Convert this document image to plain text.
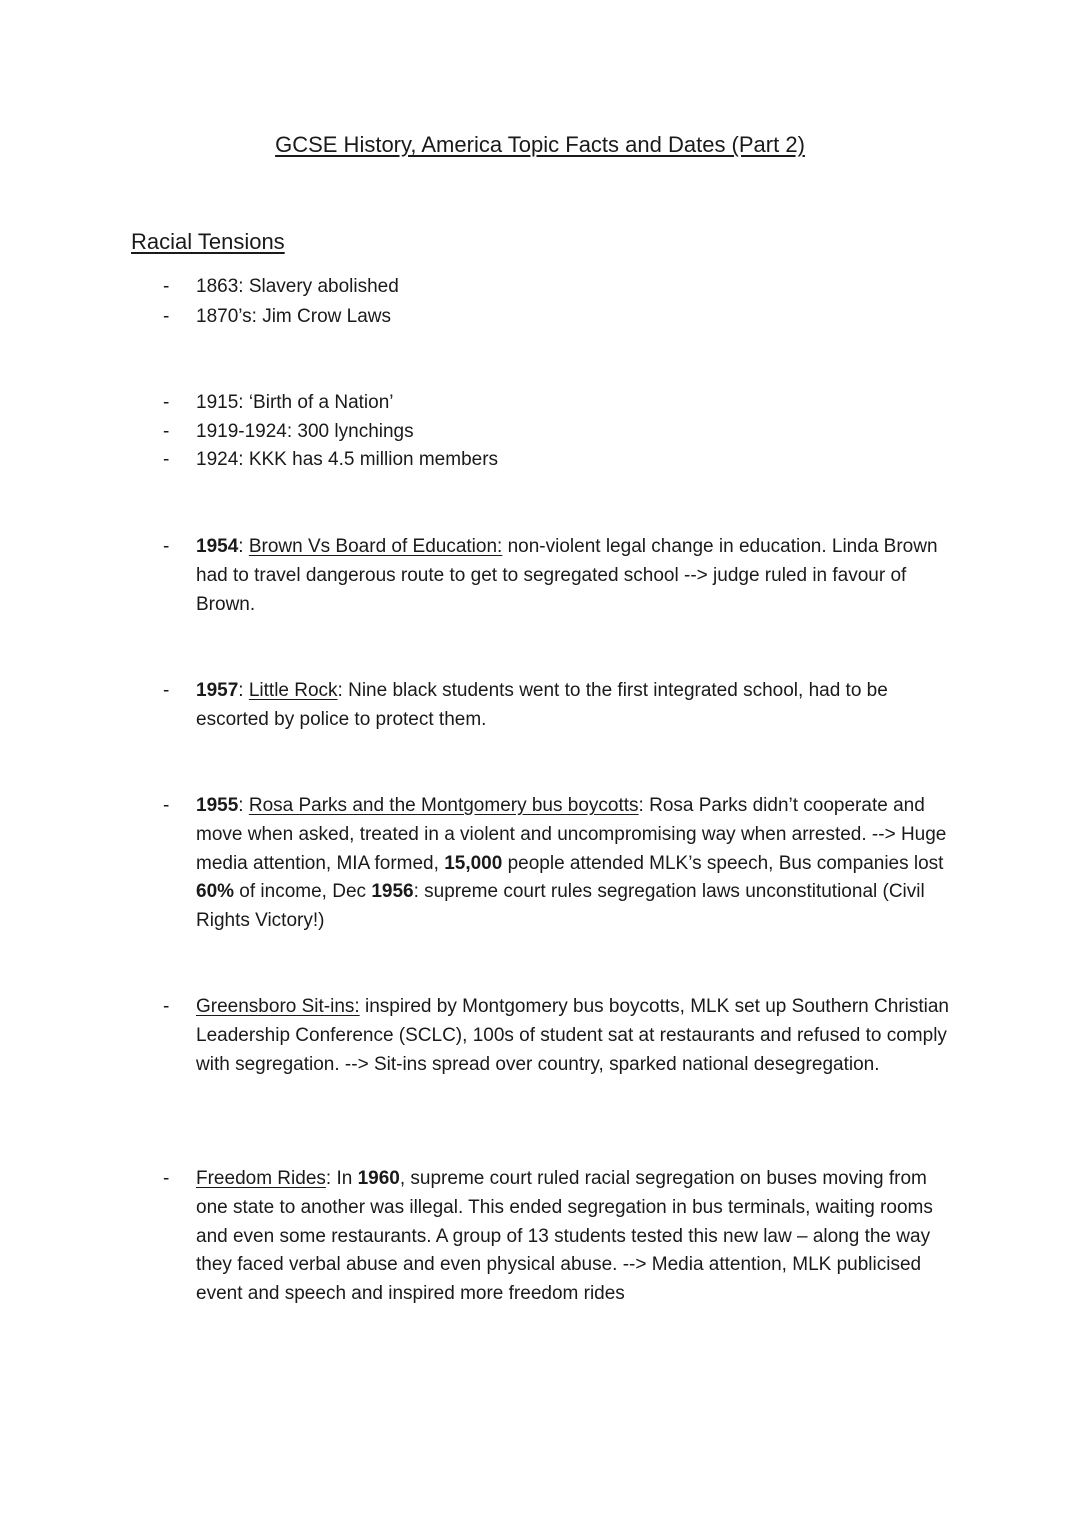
GCSE History, America Topic Facts and Dates (Part 2)
Racial Tensions
- 1863: Slavery abolished
- 1870’s: Jim Crow Laws
- 1915: ‘Birth of a Nation’
- 1919-1924: 300 lynchings
- 1924: KKK has 4.5 million members
- 1954: Brown Vs Board of Education: non-violent legal change in education. Linda Brown had to travel dangerous route to get to segregated school --> judge ruled in favour of Brown.
- 1957: Little Rock: Nine black students went to the first integrated school, had to be escorted by police to protect them.
- 1955: Rosa Parks and the Montgomery bus boycotts: Rosa Parks didn’t cooperate and move when asked, treated in a violent and uncompromising way when arrested. --> Huge media attention, MIA formed, 15,000 people attended MLK’s speech, Bus companies lost 60% of income, Dec 1956: supreme court rules segregation laws unconstitutional (Civil Rights Victory!)
- Greensboro Sit-ins: inspired by Montgomery bus boycotts, MLK set up Southern Christian Leadership Conference (SCLC), 100s of student sat at restaurants and refused to comply with segregation. --> Sit-ins spread over country, sparked national desegregation.
- Freedom Rides: In 1960, supreme court ruled racial segregation on buses moving from one state to another was illegal. This ended segregation in bus terminals, waiting rooms and even some restaurants. A group of 13 students tested this new law – along the way they faced verbal abuse and even physical abuse. --> Media attention, MLK publicised event and speech and inspired more freedom rides
